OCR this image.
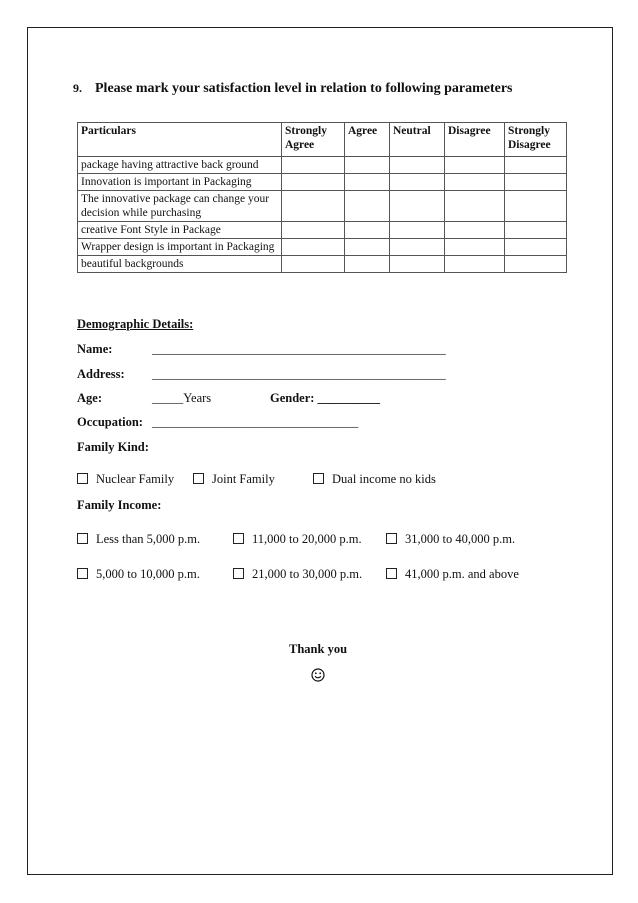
9. Please mark your satisfaction level in relation to following parameters
Particulars	Strongly Agree	Agree	Neutral	Disagree	Strongly Disagree
package having attractive back ground					
Innovation is important in Packaging					
The innovative package can change your decision while purchasing					
creative Font Style in Package					
Wrapper design is important in Packaging					
beautiful backgrounds					
Demographic Details:
Name:	_______________________________________________
Address: _______________________________________________
Age:	_____Years	Gender: __________
Occupation: _________________________________
Family Kind:
Nuclear Family	Joint Family	Dual income no kids
Family Income:
Less than 5,000 p.m.	11,000 to 20,000 p.m.	31,000 to 40,000 p.m.
5,000 to 10,000 p.m.	21,000 to 30,000 p.m.	41,000 p.m. and above
Thank you
